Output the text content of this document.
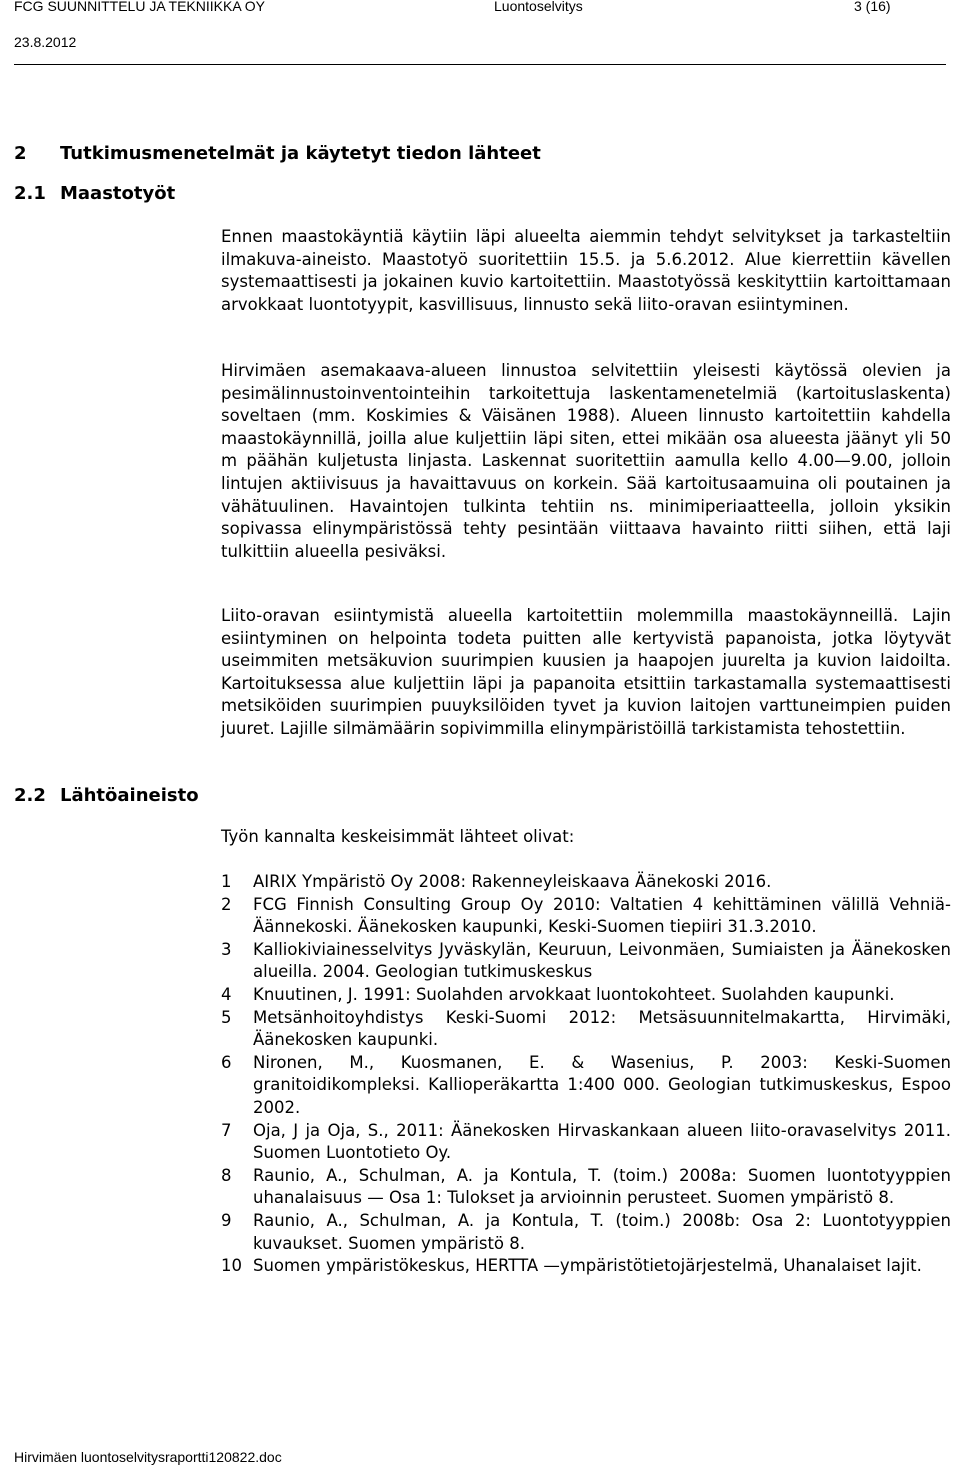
FCG SUUNNITTELU JA TEKNIIKKA OY	Luontoselvitys	3 (16)
23.8.2012
2 Tutkimusmenetelmät ja käytetyt tiedon lähteet
2.1 Maastotyöt

Ennen maastokäyntiä käytiin läpi alueelta aiemmin tehdyt selvitykset ja tarkasteltiin ilmakuva-aineisto. Maastotyö suoritettiin 15.5. ja 5.6.2012. Alue kierrettiin kävellen systemaattisesti ja jokainen kuvio kartoitettiin. Maastotyössä keskityttiin kartoittamaan arvokkaat luontotyypit, kasvillisuus, linnusto sekä liito-oravan esiintyminen.

Hirvimäen asemakaava-alueen linnustoa selvitettiin yleisesti käytössä olevien ja pesimälinnustoinventointeihin tarkoitettuja laskentamenetelmiä (kartoituslaskenta) soveltaen (mm. Koskimies & Väisänen 1988). Alueen linnusto kartoitettiin kahdella maastokäynnillä, joilla alue kuljettiin läpi siten, ettei mikään osa alueesta jäänyt yli 50 m päähän kuljetusta linjasta. Laskennat suoritettiin aamulla kello 4.00—9.00, jolloin lintujen aktiivisuus ja havaittavuus on korkein. Sää kartoitusaamuina oli poutainen ja vähätuulinen. Havaintojen tulkinta tehtiin ns. minimiperiaatteella, jolloin yksikin sopivassa elinympäristössä tehty pesintään viittaava havainto riitti siihen, että laji tulkittiin alueella pesiväksi.

Liito-oravan esiintymistä alueella kartoitettiin molemmilla maastokäynneillä. Lajin esiintyminen on helpointa todeta puitten alle kertyvistä papanoista, jotka löytyvät useimmiten metsäkuvion suurimpien kuusien ja haapojen juurelta ja kuvion laidoilta. Kartoituksessa alue kuljettiin läpi ja papanoita etsittiin tarkastamalla systemaattisesti metsiköiden suurimpien puuyksilöiden tyvet ja kuvion laitojen varttuneimpien puiden juuret. Lajille silmämäärin sopivimmilla elinympäristöillä tarkistamista tehostettiin.

2.2 Lähtöaineisto

Työn kannalta keskeisimmät lähteet olivat:

1	AIRIX Ympäristö Oy 2008: Rakenneyleiskaava Äänekoski 2016.
2	FCG Finnish Consulting Group Oy 2010: Valtatien 4 kehittäminen välillä Vehniä-Äännekoski. Äänekosken kaupunki, Keski-Suomen tiepiiri 31.3.2010.
3	Kalliokiviainesselvitys Jyväskylän, Keuruun, Leivonmäen, Sumiaisten ja Äänekosken alueilla. 2004. Geologian tutkimuskeskus
4	Knuutinen, J. 1991: Suolahden arvokkaat luontokohteet. Suolahden kaupunki.
5	Metsänhoitoyhdistys Keski-Suomi 2012: Metsäsuunnitelmakartta, Hirvimäki, Äänekosken kaupunki.
6	Nironen, M., Kuosmanen, E. & Wasenius, P. 2003: Keski-Suomen granitoidikompleksi. Kallioperäkartta 1:400 000. Geologian tutkimuskeskus, Espoo 2002.
7	Oja, J ja Oja, S., 2011: Äänekosken Hirvaskankaan alueen liito-oravaselvitys 2011. Suomen Luontotieto Oy.
8	Raunio, A., Schulman, A. ja Kontula, T. (toim.) 2008a: Suomen luontotyyppien uhanalaisuus — Osa 1: Tulokset ja arvioinnin perusteet. Suomen ympäristö 8.
9	Raunio, A., Schulman, A. ja Kontula, T. (toim.) 2008b: Osa 2: Luontotyyppien kuvaukset. Suomen ympäristö 8.
10 Suomen ympäristökeskus, HERTTA —ympäristötietojärjestelmä, Uhanalaiset lajit.
Hirvimäen luontoselvitysraportti120822.doc
